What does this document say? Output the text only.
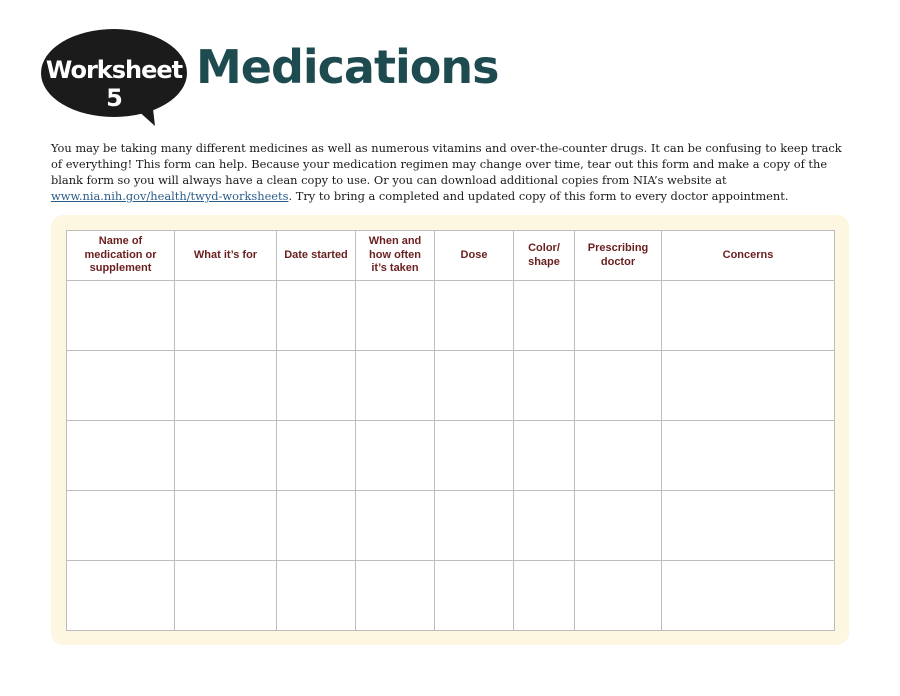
Worksheet 5
Medications

You may be taking many different medicines as well as numerous vitamins and over-the-counter drugs. It can be confusing to keep track of everything! This form can help. Because your medication regimen may change over time, tear out this form and make a copy of the blank form so you will always have a clean copy to use. Or you can download additional copies from NIA’s website at www.nia.nih.gov/health/twyd-worksheets. Try to bring a completed and updated copy of this form to every doctor appointment.

Name of medication or supplement	What it’s for	Date started	When and how often it’s taken	Dose	Color/ shape	Prescribing doctor	Concerns
